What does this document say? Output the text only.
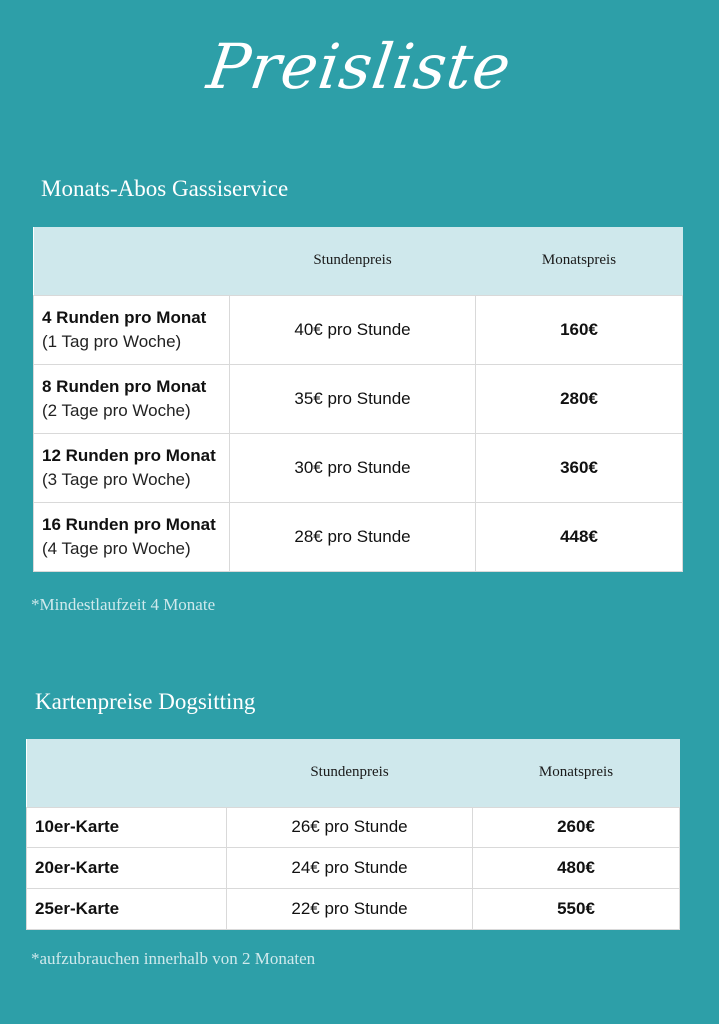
Preisliste
Monats-Abos Gassiservice
	Stundenpreis	Monatspreis

4 Runden pro Monat
(1 Tag pro Woche)	40€ pro Stunde	160€

8 Runden pro Monat
(2 Tage pro Woche)	35€ pro Stunde	280€

12 Runden pro Monat
(3 Tage pro Woche)	30€ pro Stunde	360€

16 Runden pro Monat
(4 Tage pro Woche)	28€ pro Stunde	448€
*Mindestlaufzeit 4 Monate
Kartenpreise Dogsitting
	Stundenpreis	Monatspreis
10er-Karte	26€ pro Stunde	260€
20er-Karte	24€ pro Stunde	480€
25er-Karte	22€ pro Stunde	550€
*aufzubrauchen innerhalb von 2 Monaten
